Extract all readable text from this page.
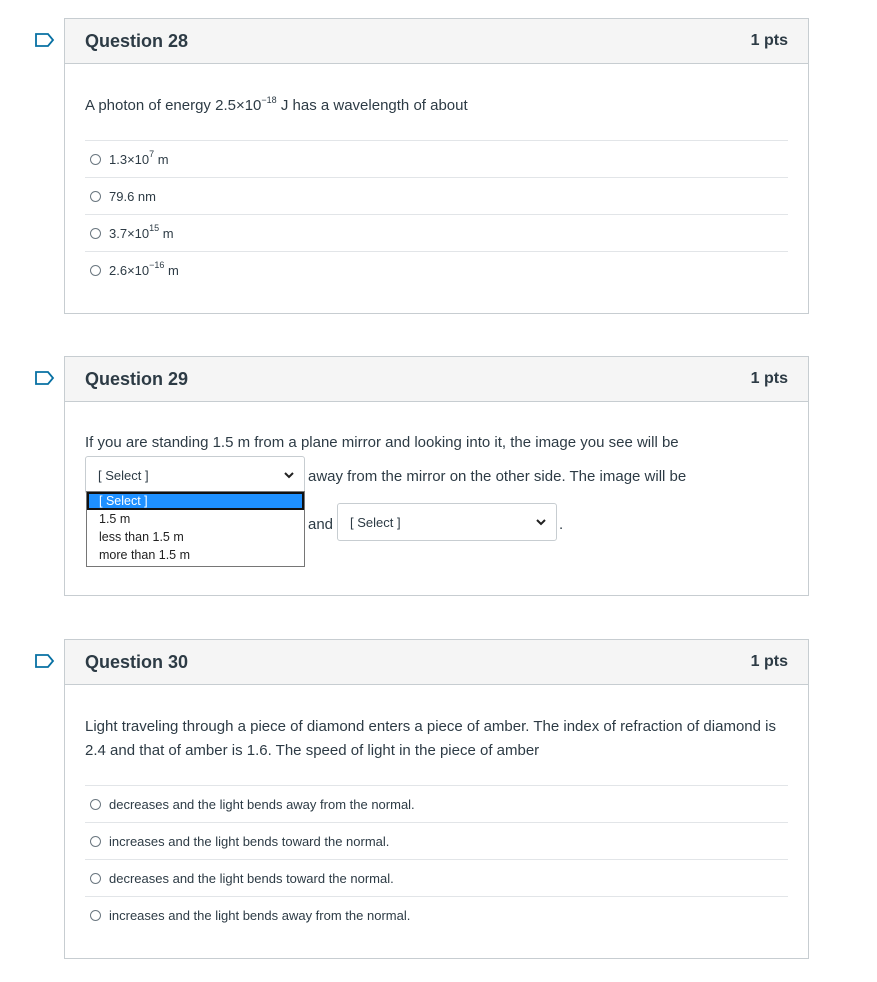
Question 28	1 pts
A photon of energy $2.5\times 10^{-18}$ J has a wavelength of about
$1.3\times 10^7$ m
79.6 nm
$3.7\times 10^{15}$ m
$2.6\times 10^{-16}$ m
Question 29	1 pts
If you are standing 1.5 m from a plane mirror and looking into it, the image you see will be
[ Select ]	away from the mirror on the other side. The image will be
and [ Select ]	.
[ Select ]
1.5 m
less than 1.5 m
more than 1.5 m
Question 30	1 pts
Light traveling through a piece of diamond enters a piece of amber. The index of refraction of diamond is 2.4 and that of amber is 1.6. The speed of light in the piece of amber
decreases and the light bends away from the normal.
increases and the light bends toward the normal.
decreases and the light bends toward the normal.
increases and the light bends away from the normal.
